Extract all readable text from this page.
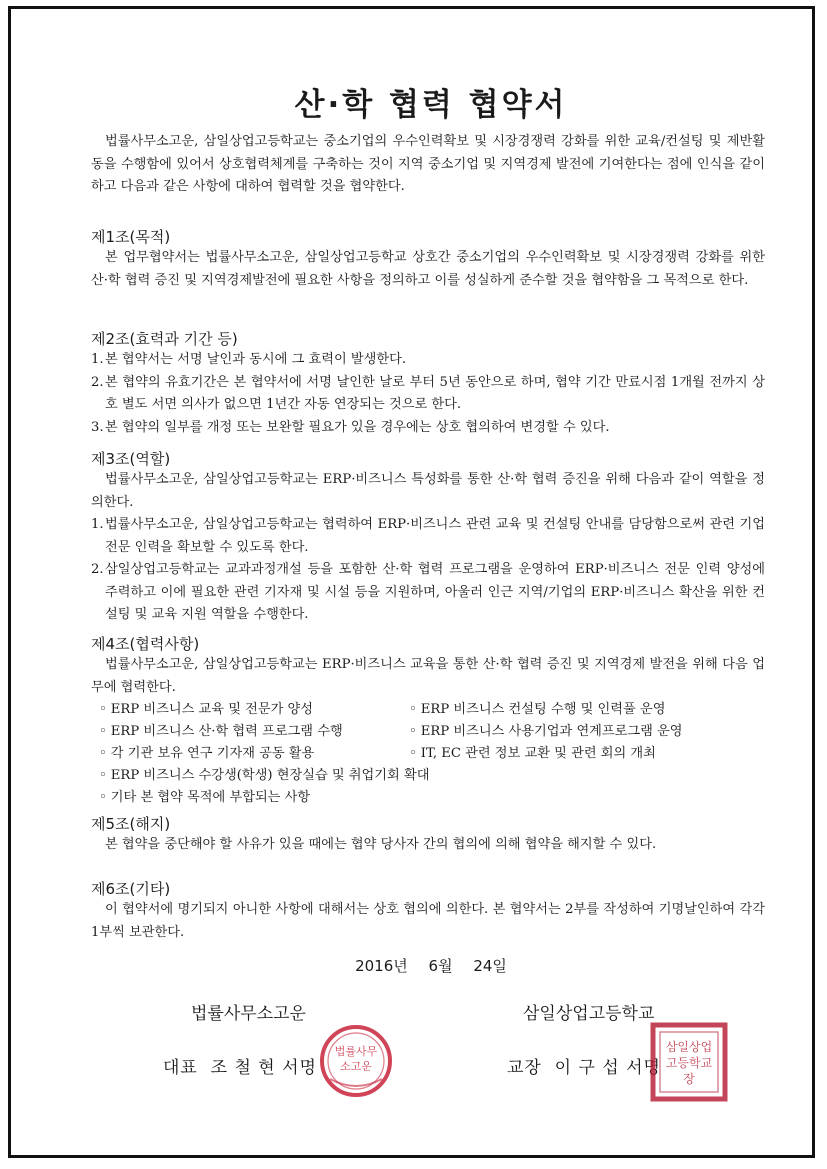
산·학 협력 협약서

법률사무소고운, 삼일상업고등학교는 중소기업의 우수인력확보 및 시장경쟁력 강화를 위한 교육/컨설팅 및 제반활동을 수행함에 있어서 상호협력체계를 구축하는 것이 지역 중소기업 및 지역경제 발전에 기여한다는 점에 인식을 같이하고 다음과 같은 사항에 대하여 협력할 것을 협약한다.

제1조(목적)

본 업무협약서는 법률사무소고운, 삼일상업고등학교 상호간 중소기업의 우수인력확보 및 시장경쟁력 강화를 위한 산·학 협력 증진 및 지역경제발전에 필요한 사항을 정의하고 이를 성실하게 준수할 것을 협약함을 그 목적으로 한다.

제2조(효력과 기간 등)
1. 본 협약서는 서명 날인과 동시에 그 효력이 발생한다.
2. 본 협약의 유효기간은 본 협약서에 서명 날인한 날로 부터 5년 동안으로 하며, 협약 기간 만료시점 1개월 전까지 상호 별도 서면 의사가 없으면 1년간 자동 연장되는 것으로 한다.
3. 본 협약의 일부를 개정 또는 보완할 필요가 있을 경우에는 상호 협의하여 변경할 수 있다.
제3조(역할)

법률사무소고운, 삼일상업고등학교는 ERP·비즈니스 특성화를 통한 산·학 협력 증진을 위해 다음과 같이 역할을 정의한다.

1. 법률사무소고운, 삼일상업고등학교는 협력하여 ERP·비즈니스 관련 교육 및 컨설팅 안내를 담당함으로써 관련 기업 전문 인력을 확보할 수 있도록 한다.
2. 삼일상업고등학교는 교과과정개설 등을 포함한 산·학 협력 프로그램을 운영하여 ERP·비즈니스 전문 인력 양성에 주력하고 이에 필요한 관련 기자재 및 시설 등을 지원하며, 아울러 인근 지역/기업의 ERP·비즈니스 확산을 위한 컨설팅 및 교육 지원 역할을 수행한다.
제4조(협력사항)

법률사무소고운, 삼일상업고등학교는 ERP·비즈니스 교육을 통한 산·학 협력 증진 및 지역경제 발전을 위해 다음 업무에 협력한다.

◦ ERP 비즈니스 교육 및 전문가 양성	◦ ERP 비즈니스 컨설팅 수행 및 인력풀 운영
◦ ERP 비즈니스 산·학 협력 프로그램 수행	◦ ERP 비즈니스 사용기업과 연계프로그램 운영
◦ 각 기관 보유 연구 기자재 공동 활용	◦ IT, EC 관련 정보 교환 및 관련 회의 개최
◦ ERP 비즈니스 수강생(학생) 현장실습 및 취업기회 확대
◦ 기타 본 협약 목적에 부합되는 사항
제5조(해지)

본 협약을 중단해야 할 사유가 있을 때에는 협약 당사자 간의 협의에 의해 협약을 해지할 수 있다.

제6조(기타)

이 협약서에 명기되지 아니한 사항에 대해서는 상호 협의에 의한다. 본 협약서는 2부를 작성하여 기명날인하여 각각 1부씩 보관한다.

2016년 6월 24일
법률사무소고운	삼일상업고등학교
대표  조 철 현 서명	교장  이 구 섭 서명
법률사무
소고운
삼일상업
고등학교
장
